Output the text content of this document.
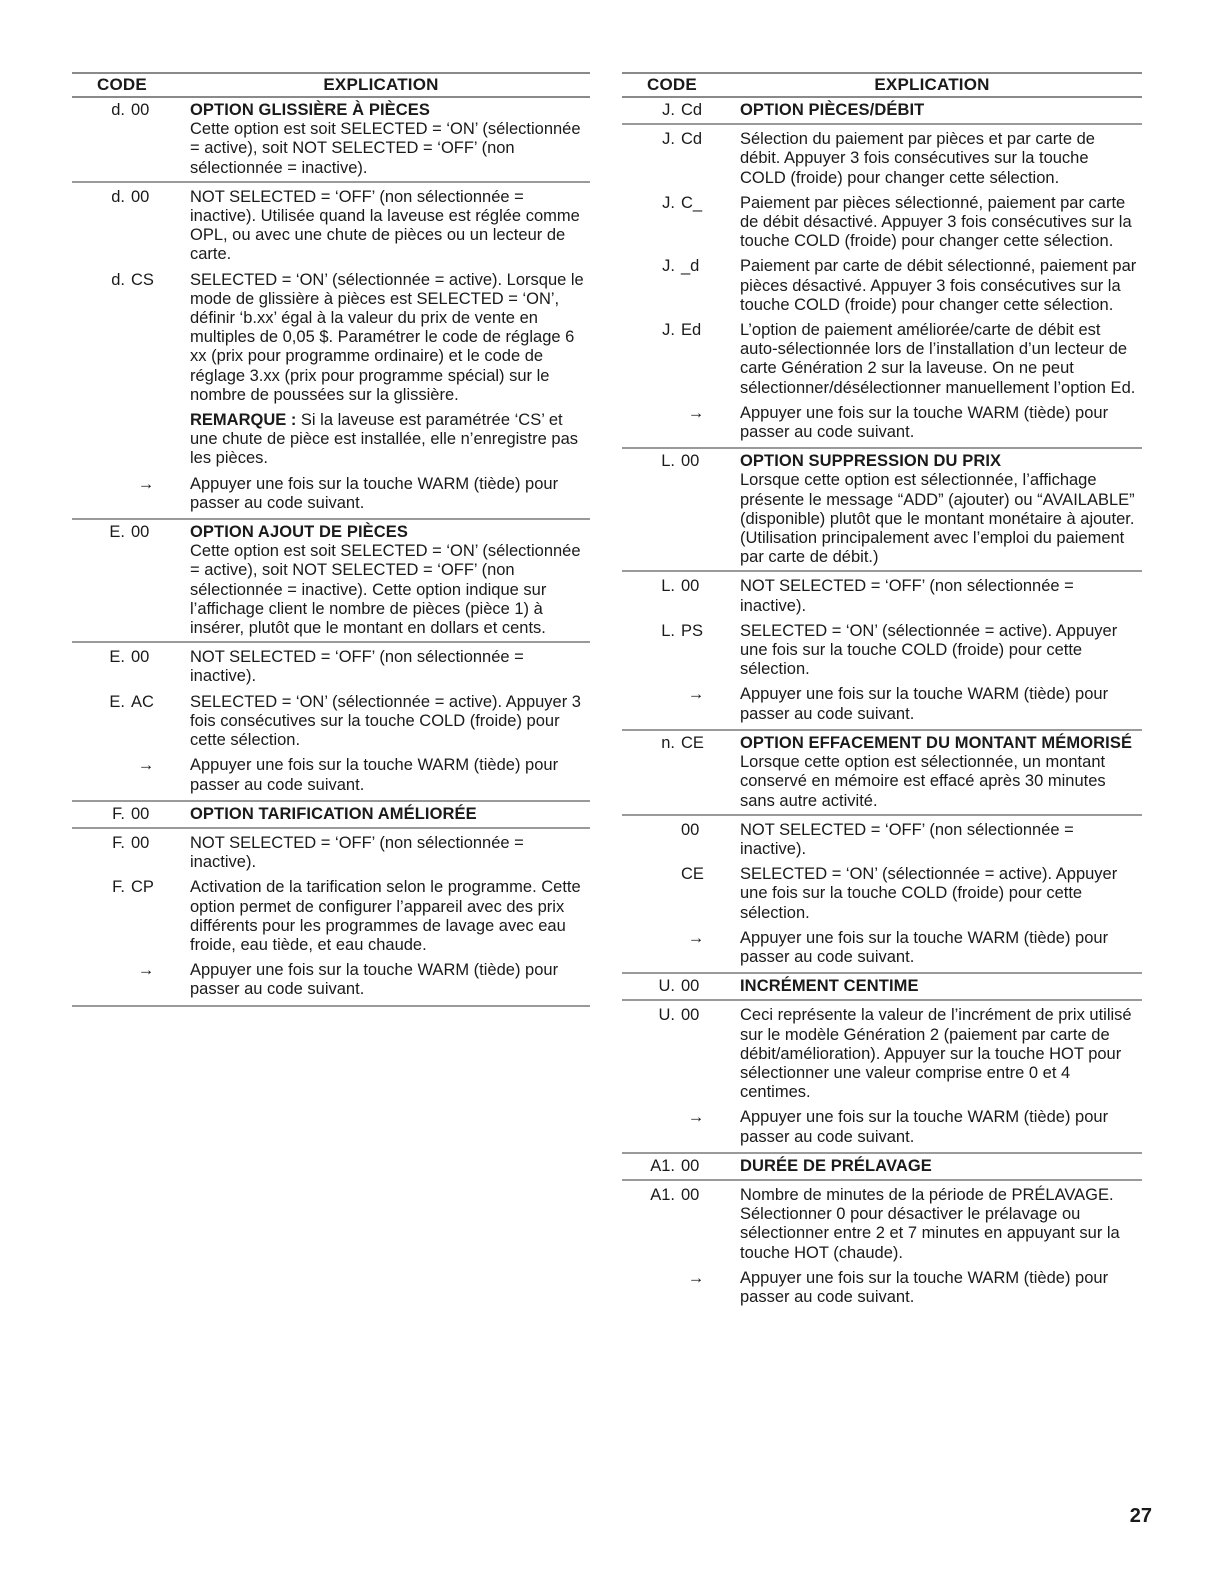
CODE	EXPLICATION
d. 00	OPTION GLISSIÈRE À PIÈCES
Cette option est soit SELECTED = ‘ON’ (sélectionnée = active), soit NOT SELECTED = ‘OFF’ (non sélectionnée = inactive).
d. 00	NOT SELECTED = ‘OFF’ (non sélectionnée = inactive). Utilisée quand la laveuse est réglée comme OPL, ou avec une chute de pièces ou un lecteur de carte.
d. CS	SELECTED = ‘ON’ (sélectionnée = active). Lorsque le mode de glissière à pièces est SELECTED = ‘ON’, définir ‘b.xx’ égal à la valeur du prix de vente en multiples de 0,05 $. Paramétrer le code de réglage 6 xx (prix pour programme ordinaire) et le code de réglage 3.xx (prix pour programme spécial) sur le nombre de poussées sur la glissière.
REMARQUE : Si la laveuse est paramétrée ‘CS’ et une chute de pièce est installée, elle n’enregistre pas les pièces.
→	Appuyer une fois sur la touche WARM (tiède) pour passer au code suivant.
E. 00	OPTION AJOUT DE PIÈCES
Cette option est soit SELECTED = ‘ON’ (sélectionnée = active), soit NOT SELECTED = ‘OFF’ (non sélectionnée = inactive). Cette option indique sur l’affichage client le nombre de pièces (pièce 1) à insérer, plutôt que le montant en dollars et cents.
E. 00	NOT SELECTED = ‘OFF’ (non sélectionnée = inactive).
E. AC	SELECTED = ‘ON’ (sélectionnée = active). Appuyer 3 fois consécutives sur la touche COLD (froide) pour cette sélection.
→	Appuyer une fois sur la touche WARM (tiède) pour passer au code suivant.
F. 00	OPTION TARIFICATION AMÉLIORÉE
F. 00	NOT SELECTED = ‘OFF’ (non sélectionnée = inactive).
F. CP	Activation de la tarification selon le programme. Cette option permet de configurer l’appareil avec des prix différents pour les programmes de lavage avec eau froide, eau tiède, et eau chaude.
→	Appuyer une fois sur la touche WARM (tiède) pour passer au code suivant.
CODE	EXPLICATION
J. Cd	OPTION PIÈCES/DÉBIT
J. Cd	Sélection du paiement par pièces et par carte de débit. Appuyer 3 fois consécutives sur la touche COLD (froide) pour changer cette sélection.
J. C_	Paiement par pièces sélectionné, paiement par carte de débit désactivé. Appuyer 3 fois consécutives sur la touche COLD (froide) pour changer cette sélection.
J. _d	Paiement par carte de débit sélectionné, paiement par pièces désactivé. Appuyer 3 fois consécutives sur la touche COLD (froide) pour changer cette sélection.
J. Ed	L’option de paiement améliorée/carte de débit est auto-sélectionnée lors de l’installation d’un lecteur de carte Génération 2 sur la laveuse. On ne peut sélectionner/désélectionner manuellement l’option Ed.
→	Appuyer une fois sur la touche WARM (tiède) pour passer au code suivant.
L. 00	OPTION SUPPRESSION DU PRIX
Lorsque cette option est sélectionnée, l’affichage présente le message “ADD” (ajouter) ou “AVAILABLE” (disponible) plutôt que le montant monétaire à ajouter. (Utilisation principalement avec l’emploi du paiement par carte de débit.)
L. 00	NOT SELECTED = ‘OFF’ (non sélectionnée = inactive).
L. PS	SELECTED = ‘ON’ (sélectionnée = active). Appuyer une fois sur la touche COLD (froide) pour cette sélection.
→	Appuyer une fois sur la touche WARM (tiède) pour passer au code suivant.
n. CE	OPTION EFFACEMENT DU MONTANT MÉMORISÉ
Lorsque cette option est sélectionnée, un montant conservé en mémoire est effacé après 30 minutes sans autre activité.
00	NOT SELECTED = ‘OFF’ (non sélectionnée = inactive).
CE	SELECTED = ‘ON’ (sélectionnée = active). Appuyer une fois sur la touche COLD (froide) pour cette sélection.
→	Appuyer une fois sur la touche WARM (tiède) pour passer au code suivant.
U. 00	INCRÉMENT CENTIME
U. 00	Ceci représente la valeur de l’incrément de prix utilisé sur le modèle Génération 2 (paiement par carte de débit/amélioration). Appuyer sur la touche HOT pour sélectionner une valeur comprise entre 0 et 4 centimes.
→	Appuyer une fois sur la touche WARM (tiède) pour passer au code suivant.
A1. 00	DURÉE DE PRÉLAVAGE
A1. 00	Nombre de minutes de la période de PRÉLAVAGE. Sélectionner 0 pour désactiver le prélavage ou sélectionner entre 2 et 7 minutes en appuyant sur la touche HOT (chaude).
→	Appuyer une fois sur la touche WARM (tiède) pour passer au code suivant.
27
